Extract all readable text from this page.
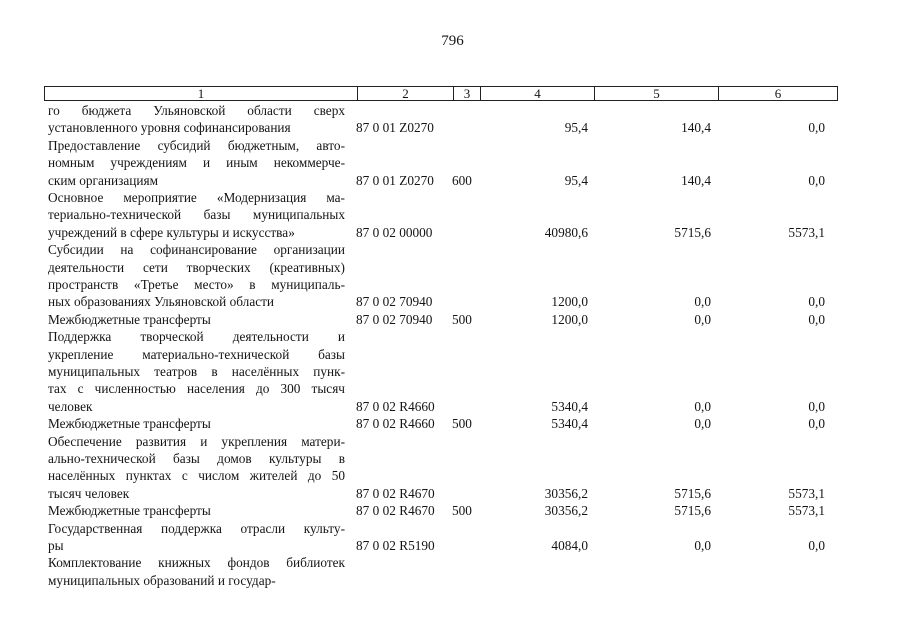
796
1	2	3	4	5	6
го бюджета Ульяновской области сверх
установленного уровня софинансирования	87 0 01 Z0270	95,4	140,4	0,0
Предоставление субсидий бюджетным, авто-
номным учреждениям и иным некоммерче-
ским организациям	87 0 01 Z0270 600	95,4	140,4	0,0
Основное мероприятие «Модернизация ма-
териально-технической базы муниципальных
учреждений в сфере культуры и искусства»	87 0 02 00000	40980,6	5715,6	5573,1
Субсидии на софинансирование организации
деятельности сети творческих (креативных)
пространств «Третье место» в муниципаль-
ных образованиях Ульяновской области	87 0 02 70940	1200,0	0,0	0,0
Межбюджетные трансферты	87 0 02 70940 500	1200,0	0,0	0,0
Поддержка творческой деятельности и
укрепление материально-технической базы
муниципальных театров в населённых пунк-
тах с численностью населения до 300 тысяч
человек	87 0 02 R4660	5340,4	0,0	0,0
Межбюджетные трансферты	87 0 02 R4660 500	5340,4	0,0	0,0
Обеспечение развития и укрепления матери-
ально-технической базы домов культуры в
населённых пунктах с числом жителей до 50
тысяч человек	87 0 02 R4670	30356,2	5715,6	5573,1
Межбюджетные трансферты	87 0 02 R4670 500	30356,2	5715,6	5573,1
Государственная поддержка отрасли культу-
ры	87 0 02 R5190	4084,0	0,0	0,0
Комплектование книжных фондов библиотек
муниципальных образований и государ-
